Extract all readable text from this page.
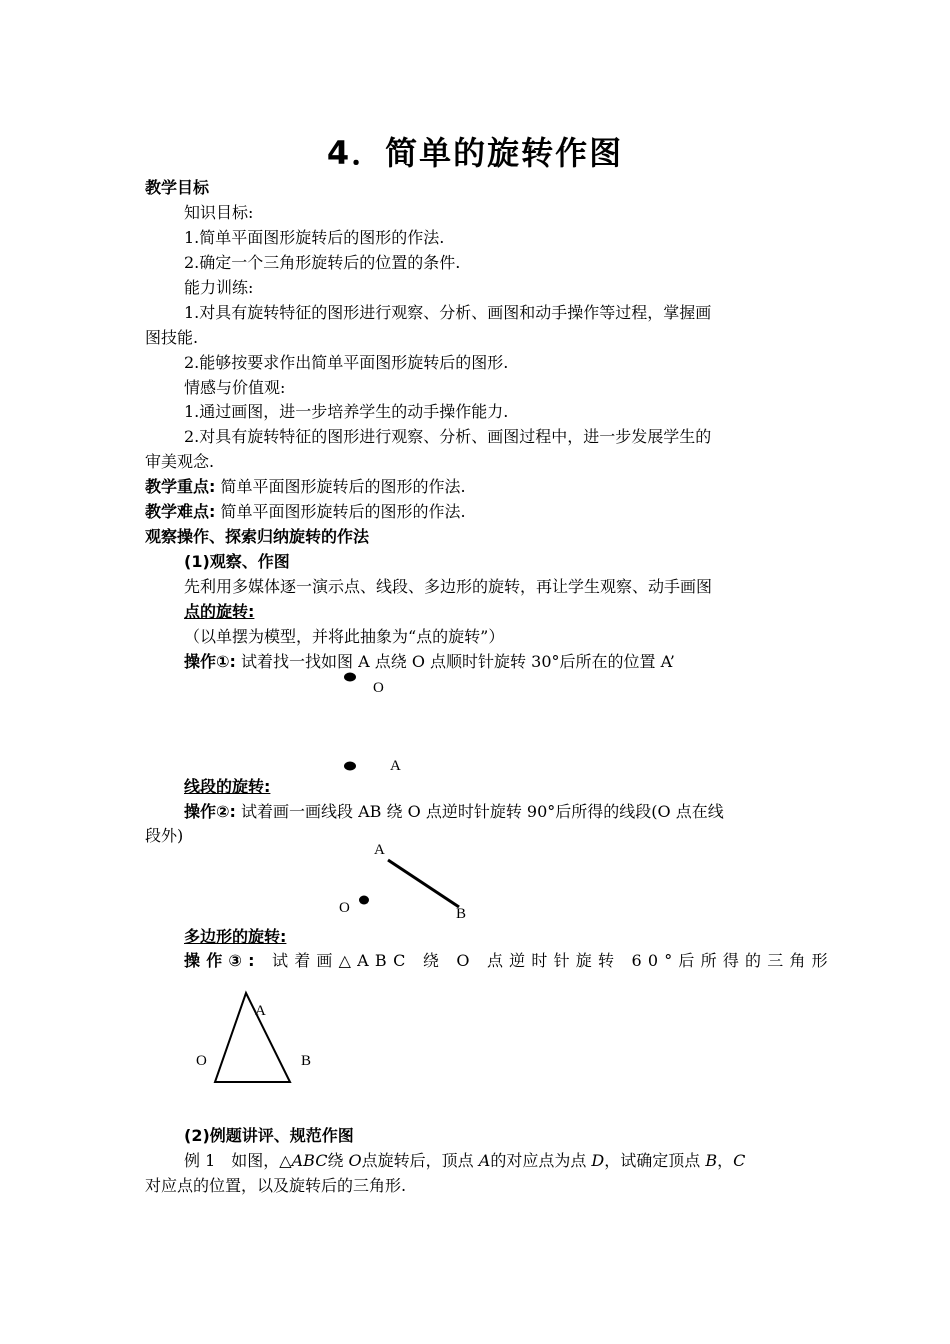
4．简单的旋转作图
教学目标
知识目标:
1.简单平面图形旋转后的图形的作法.
2.确定一个三角形旋转后的位置的条件.
能力训练:
1.对具有旋转特征的图形进行观察、分析、画图和动手操作等过程，掌握画
图技能.
2.能够按要求作出简单平面图形旋转后的图形.
情感与价值观:
1.通过画图，进一步培养学生的动手操作能力.
2.对具有旋转特征的图形进行观察、分析、画图过程中，进一步发展学生的
审美观念.
教学重点: 简单平面图形旋转后的图形的作法.
教学难点: 简单平面图形旋转后的图形的作法.
观察操作、探索归纳旋转的作法
(1)观察、作图
先利用多媒体逐一演示点、线段、多边形的旋转，再让学生观察、动手画图
点的旋转:
（以单摆为模型，并将此抽象为“点的旋转”）
操作①: 试着找一找如图 A 点绕 O 点顺时针旋转 30°后所在的位置 A’
线段的旋转:
操作②: 试着画一画线段 AB 绕 O 点逆时针旋转 90°后所得的线段(O 点在线
段外)
多边形的旋转:
操作③: 试着画△ABC 绕 O 点逆时针旋转 60°后所得的三角形
(2)例题讲评、规范作图
例 1　如图，△ABC绕 O点旋转后，顶点 A的对应点为点 D，试确定顶点 B，C
对应点的位置，以及旋转后的三角形.
O
A
A
O	B
A
O	B
